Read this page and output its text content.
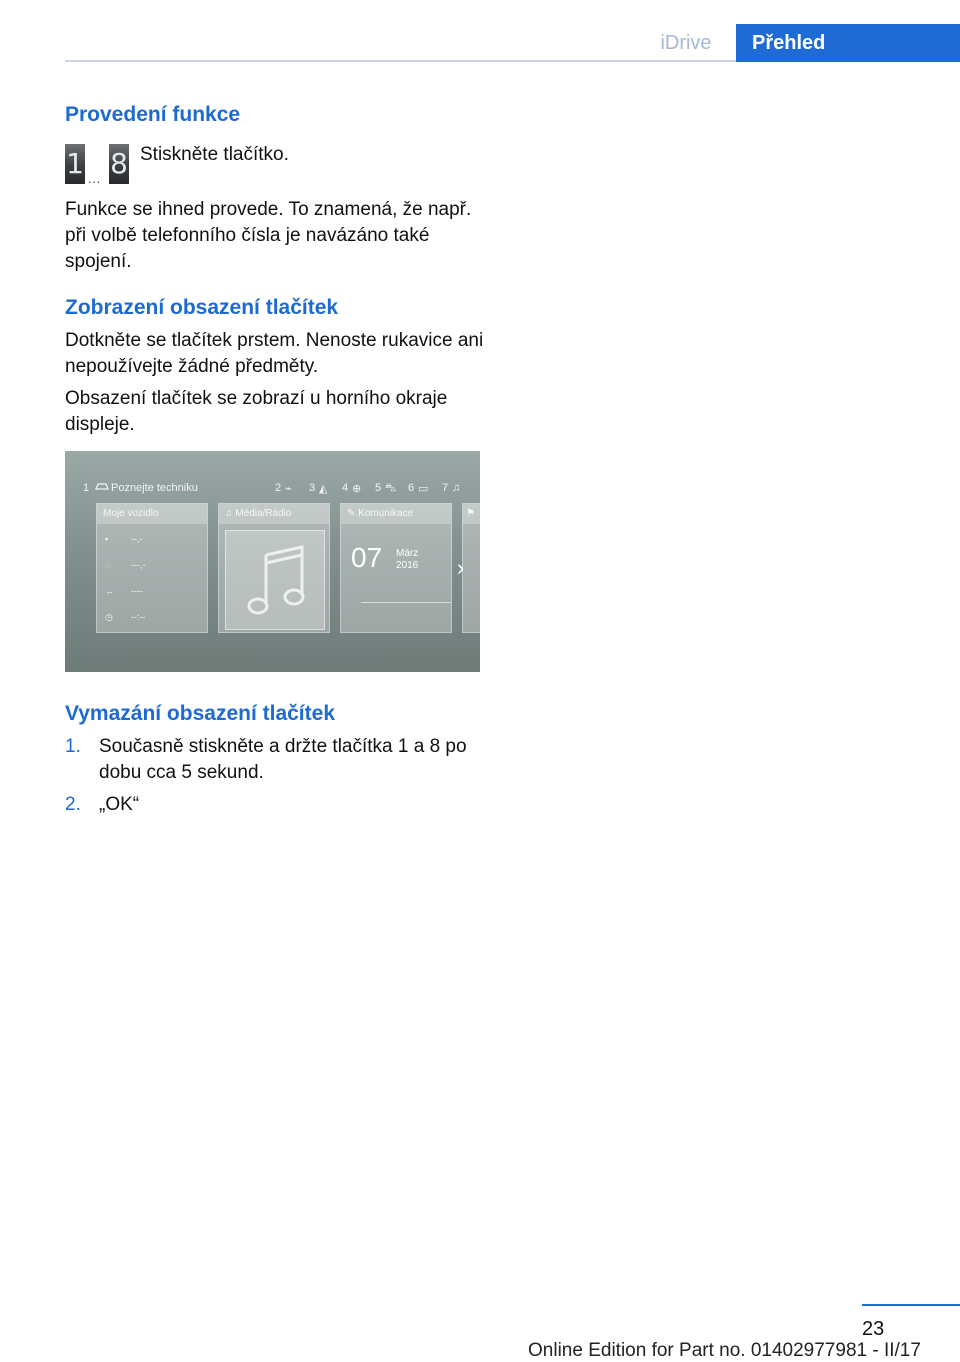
iDrive	Přehled
Provedení funkce
1 … 8 Stiskněte tlačítko.

Funkce se ihned provede. To znamená, že např. při volbě telefonního čísla je navázáno také spojení.

Zobrazení obsazení tlačítek

Dotkněte se tlačítek prstem. Nenoste rukavice ani nepoužívejte žádné předměty.

Obsazení tlačítek se zobrazí u horního okraje displeje.

1 Poznejte techniku	2 ⌁ 3 ◭ 4 ⊕ 5 ⛍ 6 ▭ 7 ♫
Moje vozidlo
▪	--,-
◌ ---,-
↔ ----
◷ --:--
♫ Média/Rádio	✎ Komunikace
07 März
2016
⚑
›
Vymazání obsazení tlačítek
1. Současně stiskněte a držte tlačítka 1 a 8 po dobu cca 5 sekund.
2. „OK“
23
Online Edition for Part no. 01402977981 - II/17
